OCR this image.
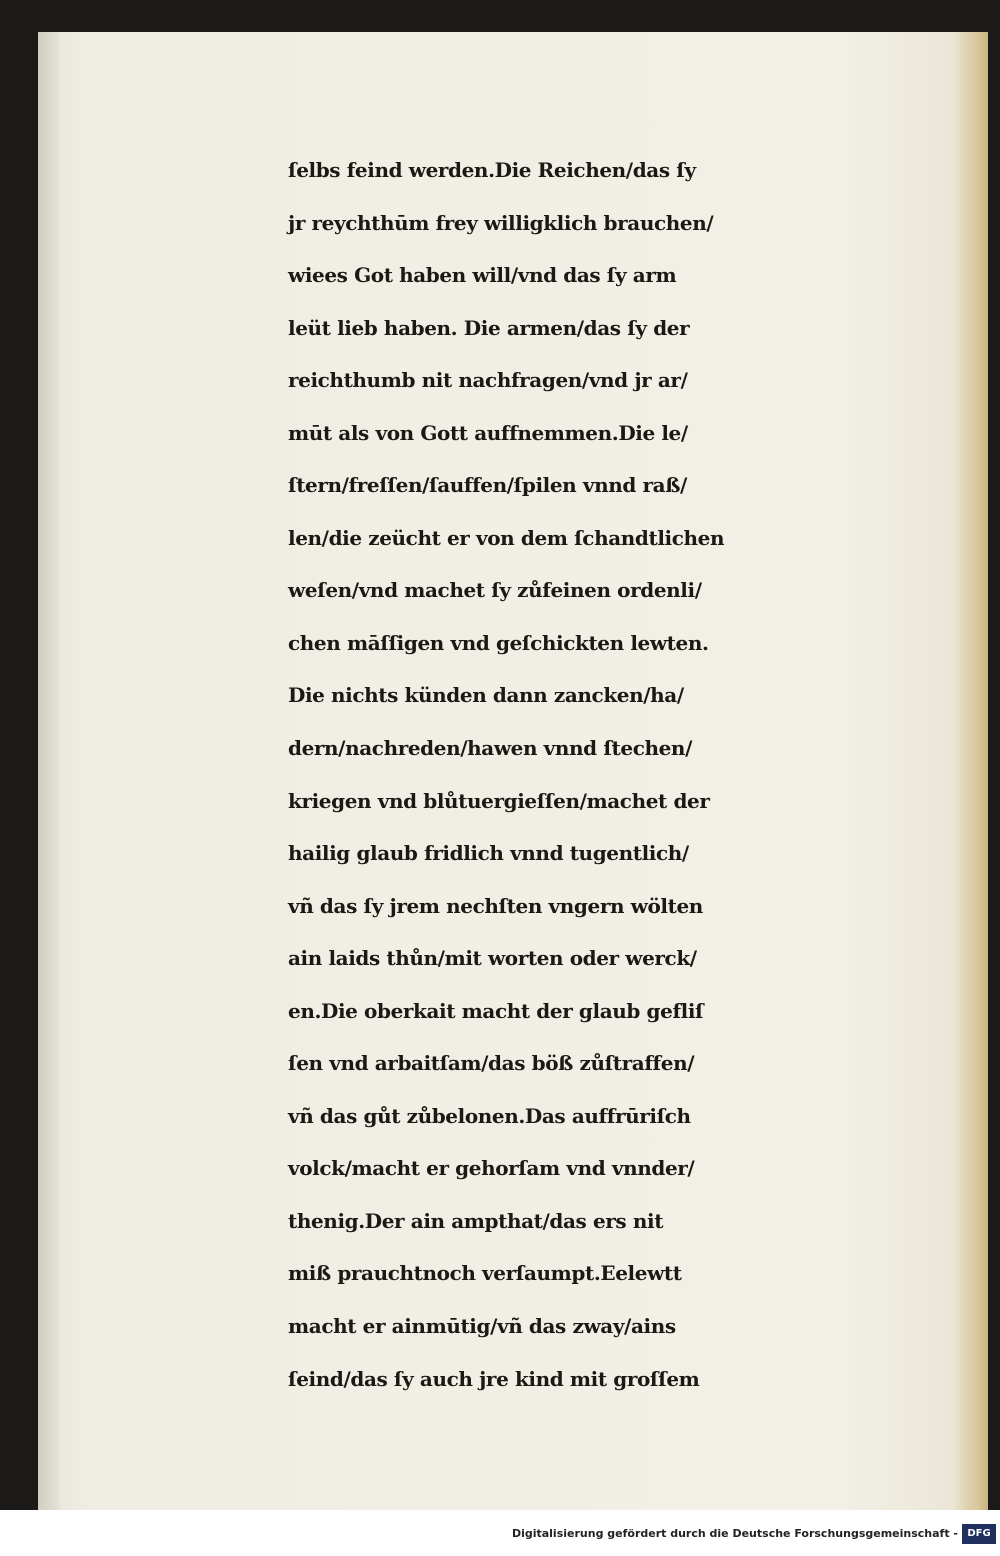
ſelbs feind werden.Die Reichen/das ſy
jr reychthūm frey willigklich brauchen/
wiees Got haben will/vnd das ſy arm
leüt lieb haben. Die armen/das ſy der
reichthumb nit nachfragen/vnd jr ar/
mūt als von Gott auffnemmen.Die le/
ſtern/freſſen/ſauffen/ſpilen vnnd raß/
len/die zeücht er von dem ſchandtlichen
weſen/vnd machet ſy zůfeinen ordenli/
chen māſſigen vnd geſchickten lewten.
Die nichts künden dann zancken/ha/
dern/nachreden/hawen vnnd ſtechen/
kriegen vnd blůtuergieſſen/machet der
hailig glaub fridlich vnnd tugentlich/
vñ das ſy jrem nechſten vngern wölten
ain laids thůn/mit worten oder werck/
en.Die oberkait macht der glaub gefliſ
ſen vnd arbaitſam/das böß zůſtraffen/
vñ das gůt zůbelonen.Das auffrūriſch
volck/macht er gehorſam vnd vnnder/
thenig.Der ain ampthat/das ers nit
miß prauchtnoch verſaumpt.Eelewtt
macht er ainmūtig/vñ das zway/ains
ſeind/das ſy auch jre kind mit groſſem
Digitalisierung gefördert durch die Deutsche Forschungsgemeinschaft - DFG
